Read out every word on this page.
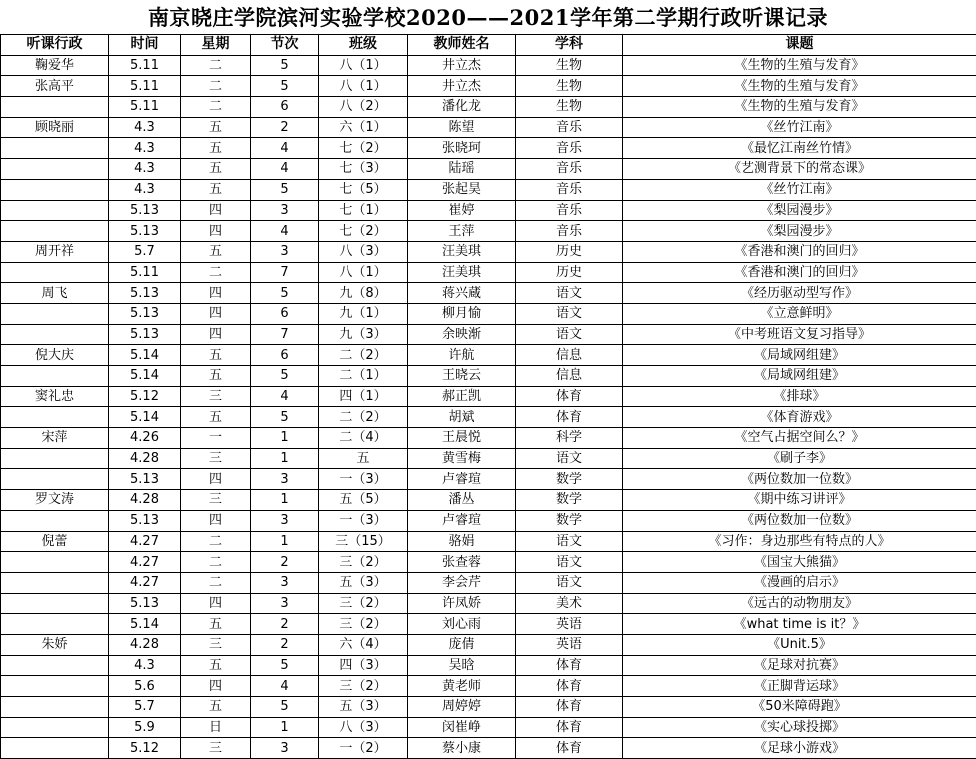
南京晓庄学院滨河实验学校2020——2021学年第二学期行政听课记录
听课行政	时间	星期	节次	班级	教师姓名	学科	课题
鞠爱华	5.11	二	5	八（1）	井立杰	生物	《生物的生殖与发育》
张高平	5.11	二	5	八（1）	井立杰	生物	《生物的生殖与发育》
	5.11	二	6	八（2）	潘化龙	生物	《生物的生殖与发育》
顾晓丽	4.3	五	2	六（1）	陈望	音乐	《丝竹江南》
	4.3	五	4	七（2）	张晓珂	音乐	《最忆江南丝竹情》
	4.3	五	4	七（3）	陆瑶	音乐	《艺测背景下的常态课》
	4.3	五	5	七（5）	张起昊	音乐	《丝竹江南》
	5.13	四	3	七（1）	崔婷	音乐	《梨园漫步》
	5.13	四	4	七（2）	王萍	音乐	《梨园漫步》
周开祥	5.7	五	3	八（3）	汪美琪	历史	《香港和澳门的回归》
	5.11	二	7	八（1）	汪美琪	历史	《香港和澳门的回归》
周飞	5.13	四	5	九（8）	蒋兴蔵	语文	《经历驱动型写作》
	5.13	四	6	九（1）	柳月愉	语文	《立意鲜明》
	5.13	四	7	九（3）	余映渐	语文	《中考班语文复习指导》
倪大庆	5.14	五	6	二（2）	许航	信息	《局域网组建》
	5.14	五	5	二（1）	王晓云	信息	《局域网组建》
窦礼忠	5.12	三	4	四（1）	郝正凯	体育	《排球》
	5.14	五	5	二（2）	胡斌	体育	《体育游戏》
宋萍	4.26	一	1	二（4）	王晨悦	科学	《空气占据空间么？》
	4.28	三	1	五	黄雪梅	语文	《刷子李》
	5.13	四	3	一（3）	卢睿瑄	数学	《两位数加一位数》
罗文涛	4.28	三	1	五（5）	潘丛	数学	《期中练习讲评》
	5.13	四	3	一（3）	卢睿瑄	数学	《两位数加一位数》
倪蕾	4.27	二	1	三（15）	骆娟	语文	《习作：身边那些有特点的人》
	4.27	二	2	三（2）	张查蓉	语文	《国宝大熊猫》
	4.27	二	3	五（3）	李会芹	语文	《漫画的启示》
	5.13	四	3	三（2）	许凤娇	美术	《远古的动物朋友》
	5.14	五	2	三（2）	刘心雨	英语	《what time is it？》
朱娇	4.28	三	2	六（4）	庞倩	英语	《Unit.5》
	4.3	五	5	四（3）	吴晗	体育	《足球对抗赛》
	5.6	四	4	三（2）	黄老师	体育	《正脚背运球》
	5.7	五	5	五（3）	周婷婷	体育	《50米障碍跑》
	5.9	日	1	八（3）	闵崔峥	体育	《实心球投掷》
	5.12	三	3	一（2）	蔡小康	体育	《足球小游戏》
